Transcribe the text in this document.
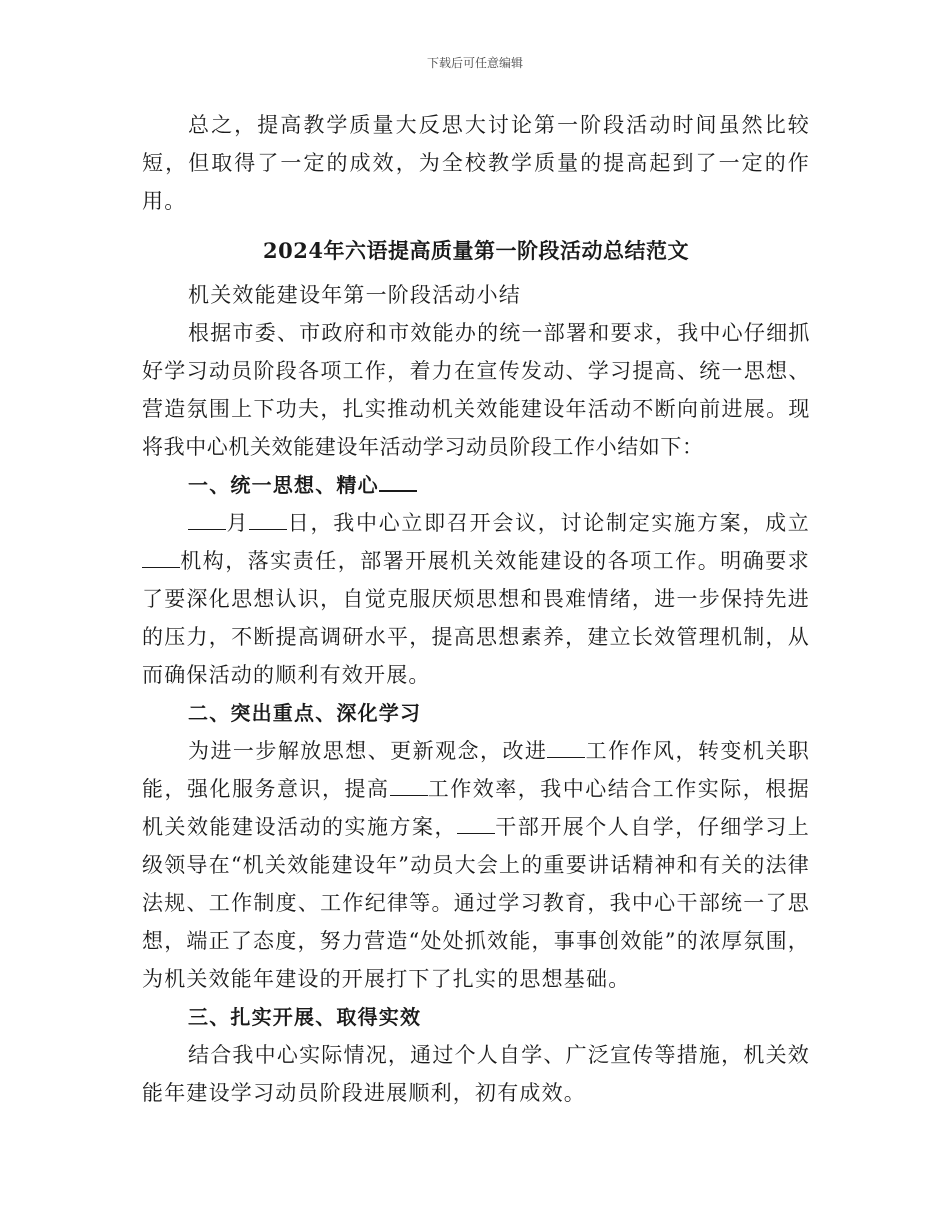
下载后可任意编辑

总之，提高教学质量大反思大讨论第一阶段活动时间虽然比较短，但取得了一定的成效，为全校教学质量的提高起到了一定的作用。

2024年六语提高质量第一阶段活动总结范文

机关效能建设年第一阶段活动小结

根据市委、市政府和市效能办的统一部署和要求，我中心仔细抓好学习动员阶段各项工作，着力在宣传发动、学习提高、统一思想、营造氛围上下功夫，扎实推动机关效能建设年活动不断向前进展。现将我中心机关效能建设年活动学习动员阶段工作小结如下：

一、统一思想、精心

月 日，我中心立即召开会议，讨论制定实施方案，成立机构，落实责任，部署开展机关效能建设的各项工作。明确要求了要深化思想认识，自觉克服厌烦思想和畏难情绪，进一步保持先进的压力，不断提高调研水平，提高思想素养，建立长效管理机制，从而确保活动的顺利有效开展。

二、突出重点、深化学习

为进一步解放思想、更新观念，改进 工作作风，转变机关职能，强化服务意识，提高 工作效率，我中心结合工作实际，根据机关效能建设活动的实施方案， 干部开展个人自学，仔细学习上级领导在“机关效能建设年”动员大会上的重要讲话精神和有关的法律法规、工作制度、工作纪律等。通过学习教育，我中心干部统一了思想，端正了态度，努力营造“处处抓效能，事事创效能”的浓厚氛围，为机关效能年建设的开展打下了扎实的思想基础。

三、扎实开展、取得实效

结合我中心实际情况，通过个人自学、广泛宣传等措施，机关效能年建设学习动员阶段进展顺利，初有成效。
